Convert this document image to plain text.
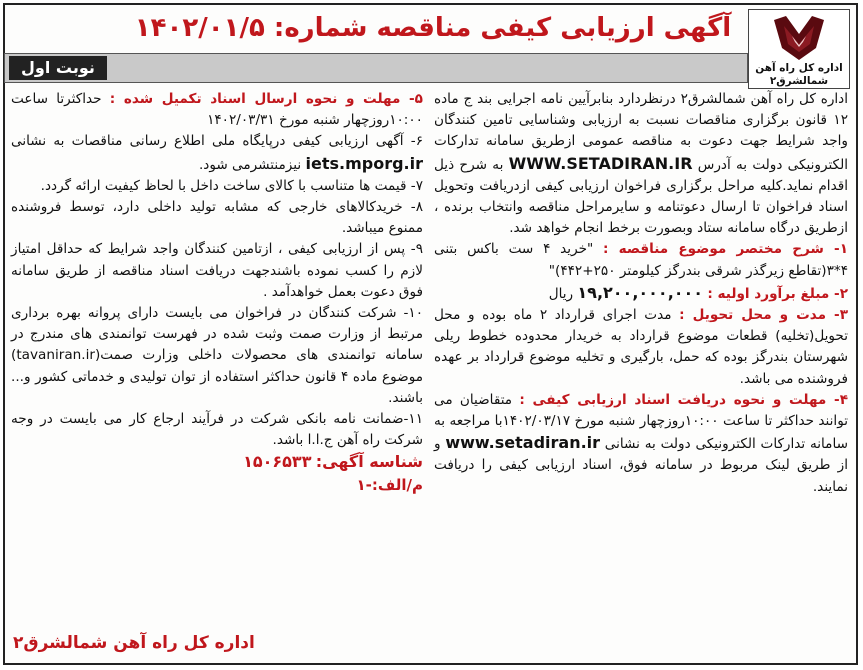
اداره کل راه آهن شمالشرق۲
آگهی ارزیابی کیفی مناقصه شماره: ۱۴۰۲/۰۱/۵
نوبت اول

اداره کل راه آهن شمالشرق۲ درنظردارد بنابرآیین نامه اجرایی بند ج ماده ۱۲ قانون برگزاری مناقصات نسبت به ارزیابی وشناسایی تامین کنندگان واجد شرایط جهت دعوت به مناقصه عمومی ازطریق سامانه تدارکات الکترونیکی دولت به آدرس WWW.SETADIRAN.IR به شرح ذیل اقدام نماید.کلیه مراحل برگزاری فراخوان ارزیابی کیفی ازدریافت وتحویل اسناد فراخوان تا ارسال دعوتنامه و سایرمراحل مناقصه وانتخاب برنده ، ازطریق درگاه سامانه ستاد وبصورت برخط انجام خواهد شد.

۱- شرح مختصر موضوع مناقصه : "خرید ۴ ست باکس بتنی ۴*۳(تقاطع زیرگذر شرقی بندرگز کیلومتر ۲۵۰+۴۴۲)"

۲- مبلغ برآورد اولیه : ۱۹,۲۰۰,۰۰۰,۰۰۰ ریال

۳- مدت و محل تحویل : مدت اجرای قرارداد ۲ ماه بوده و محل تحویل(تخلیه) قطعات موضوع قرارداد به خریدار محدوده خطوط ریلی شهرستان بندرگز بوده که حمل، بارگیری و تخلیه موضوع قرارداد بر عهده فروشنده می باشد.

۴- مهلت و نحوه دریافت اسناد ارزیابی کیفی : متقاضیان می توانند حداکثر تا ساعت ۱۰:۰۰روزچهار شنبه مورخ ۱۴۰۲/۰۳/۱۷با مراجعه به سامانه تدارکات الکترونیکی دولت به نشانی www.setadiran.ir و از طریق لینک مربوط در سامانه فوق، اسناد ارزیابی کیفی را دریافت نمایند.

۵- مهلت و نحوه ارسال اسناد تکمیل شده : حداکثرتا ساعت ۱۰:۰۰روزچهار شنبه مورخ ۱۴۰۲/۰۳/۳۱

۶- آگهی ارزیابی کیفی درپایگاه ملی اطلاع رسانی مناقصات به نشانی iets.mporg.ir نیزمنتشرمی شود.

۷- قیمت ها متناسب با کالای ساخت داخل با لحاظ کیفیت ارائه گردد.

۸- خریدکالاهای خارجی که مشابه تولید داخلی دارد، توسط فروشنده ممنوع میباشد.

۹- پس از ارزیابی کیفی ، ازتامین کنندگان واجد شرایط که حداقل امتیاز لازم را کسب نموده باشندجهت دریافت اسناد مناقصه از طریق سامانه فوق دعوت بعمل خواهدآمد .

۱۰- شرکت کنندگان در فراخوان می بایست دارای پروانه بهره برداری مرتبط از وزارت صمت وثبت شده در فهرست توانمندی های مندرج در سامانه توانمندی های محصولات داخلی وزارت صمت(tavaniran.ir) موضوع ماده ۴ قانون حداکثر استفاده از توان تولیدی و خدماتی کشور و... باشند.

۱۱-ضمانت نامه بانکی شرکت در فرآیند ارجاع کار می بایست در وجه شرکت راه آهن ج.ا.ا باشد.

شناسه آگهی: ۱۵۰۶۵۳۳

م/الف:-۱

اداره کل راه آهن شمالشرق۲
